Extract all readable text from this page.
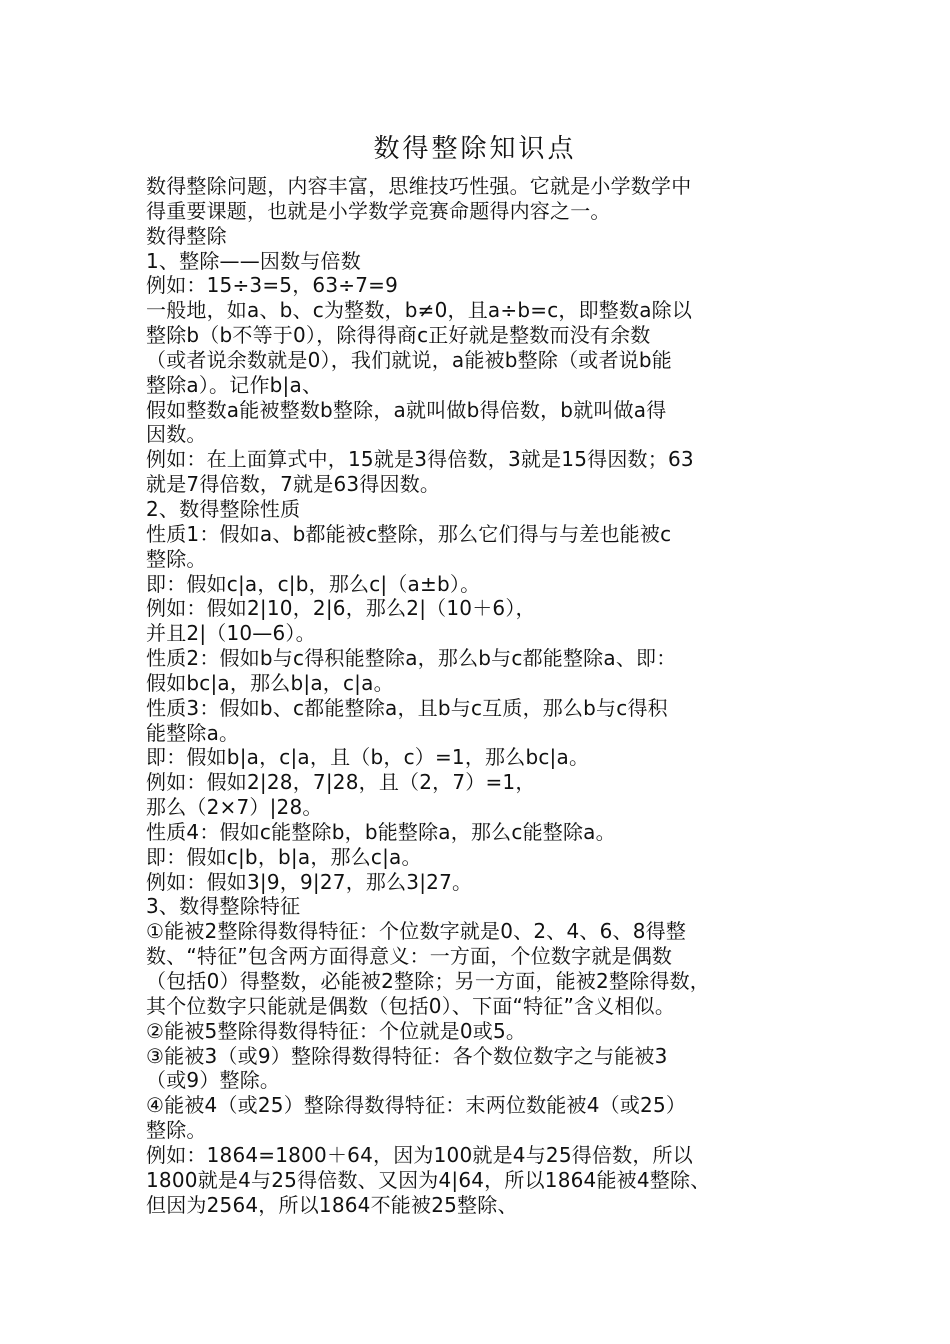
数得整除知识点
数得整除问题，内容丰富，思维技巧性强。它就是小学数学中
得重要课题，也就是小学数学竞赛命题得内容之一。
数得整除
1、整除——因数与倍数
例如：15÷3=5，63÷7=9
一般地，如a、b、c为整数，b≠0，且a÷b=c，即整数a除以
整除b（b不等于0），除得得商c正好就是整数而没有余数
（或者说余数就是0），我们就说，a能被b整除（或者说b能
整除a）。记作b|a、
假如整数a能被整数b整除，a就叫做b得倍数，b就叫做a得
因数。
例如：在上面算式中，15就是3得倍数，3就是15得因数；63
就是7得倍数，7就是63得因数。
2、数得整除性质
性质1：假如a、b都能被c整除，那么它们得与与差也能被c
整除。
即：假如c|a，c|b，那么c|（a±b）。
例如：假如2|10，2|6，那么2|（10＋6），
并且2|（10—6）。
性质2：假如b与c得积能整除a，那么b与c都能整除a、即：
假如bc|a，那么b|a，c|a。
性质3：假如b、c都能整除a，且b与c互质，那么b与c得积
能整除a。
即：假如b|a，c|a，且（b，c）=1，那么bc|a。
例如：假如2|28，7|28，且（2，7）=1，
那么（2×7）|28。
性质4：假如c能整除b，b能整除a，那么c能整除a。
即：假如c|b，b|a，那么c|a。
例如：假如3|9，9|27，那么3|27。
3、数得整除特征
①能被2整除得数得特征：个位数字就是0、2、4、6、8得整
数、“特征”包含两方面得意义：一方面，个位数字就是偶数
（包括0）得整数，必能被2整除；另一方面，能被2整除得数，
其个位数字只能就是偶数（包括0）、下面“特征”含义相似。
②能被5整除得数得特征：个位就是0或5。
③能被3（或9）整除得数得特征：各个数位数字之与能被3
（或9）整除。
④能被4（或25）整除得数得特征：末两位数能被4（或25）
整除。
例如：1864=1800＋64，因为100就是4与25得倍数，所以
1800就是4与25得倍数、又因为4|64，所以1864能被4整除、
但因为2564，所以1864不能被25整除、
